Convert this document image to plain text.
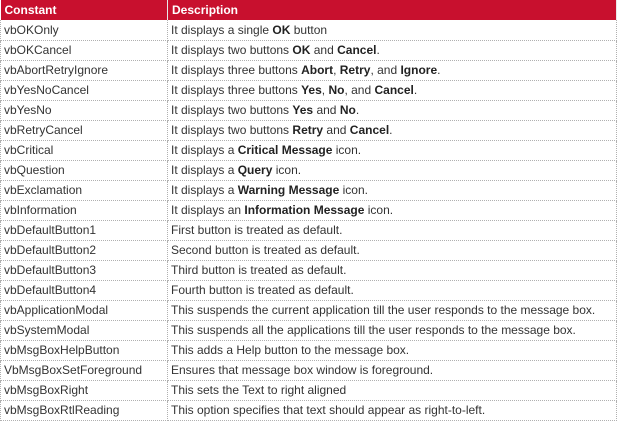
Constant	Description
vbOKOnly	It displays a single OK button
vbOKCancel	It displays two buttons OK and Cancel.
vbAbortRetryIgnore	It displays three buttons Abort, Retry, and Ignore.
vbYesNoCancel	It displays three buttons Yes, No, and Cancel.
vbYesNo	It displays two buttons Yes and No.
vbRetryCancel	It displays two buttons Retry and Cancel.
vbCritical	It displays a Critical Message icon.
vbQuestion	It displays a Query icon.
vbExclamation	It displays a Warning Message icon.
vbInformation	It displays an Information Message icon.
vbDefaultButton1	First button is treated as default.
vbDefaultButton2	Second button is treated as default.
vbDefaultButton3	Third button is treated as default.
vbDefaultButton4	Fourth button is treated as default.
vbApplicationModal	This suspends the current application till the user responds to the message box.
vbSystemModal	This suspends all the applications till the user responds to the message box.
vbMsgBoxHelpButton	This adds a Help button to the message box.
VbMsgBoxSetForeground	Ensures that message box window is foreground.
vbMsgBoxRight	This sets the Text to right aligned
vbMsgBoxRtlReading	This option specifies that text should appear as right-to-left.
